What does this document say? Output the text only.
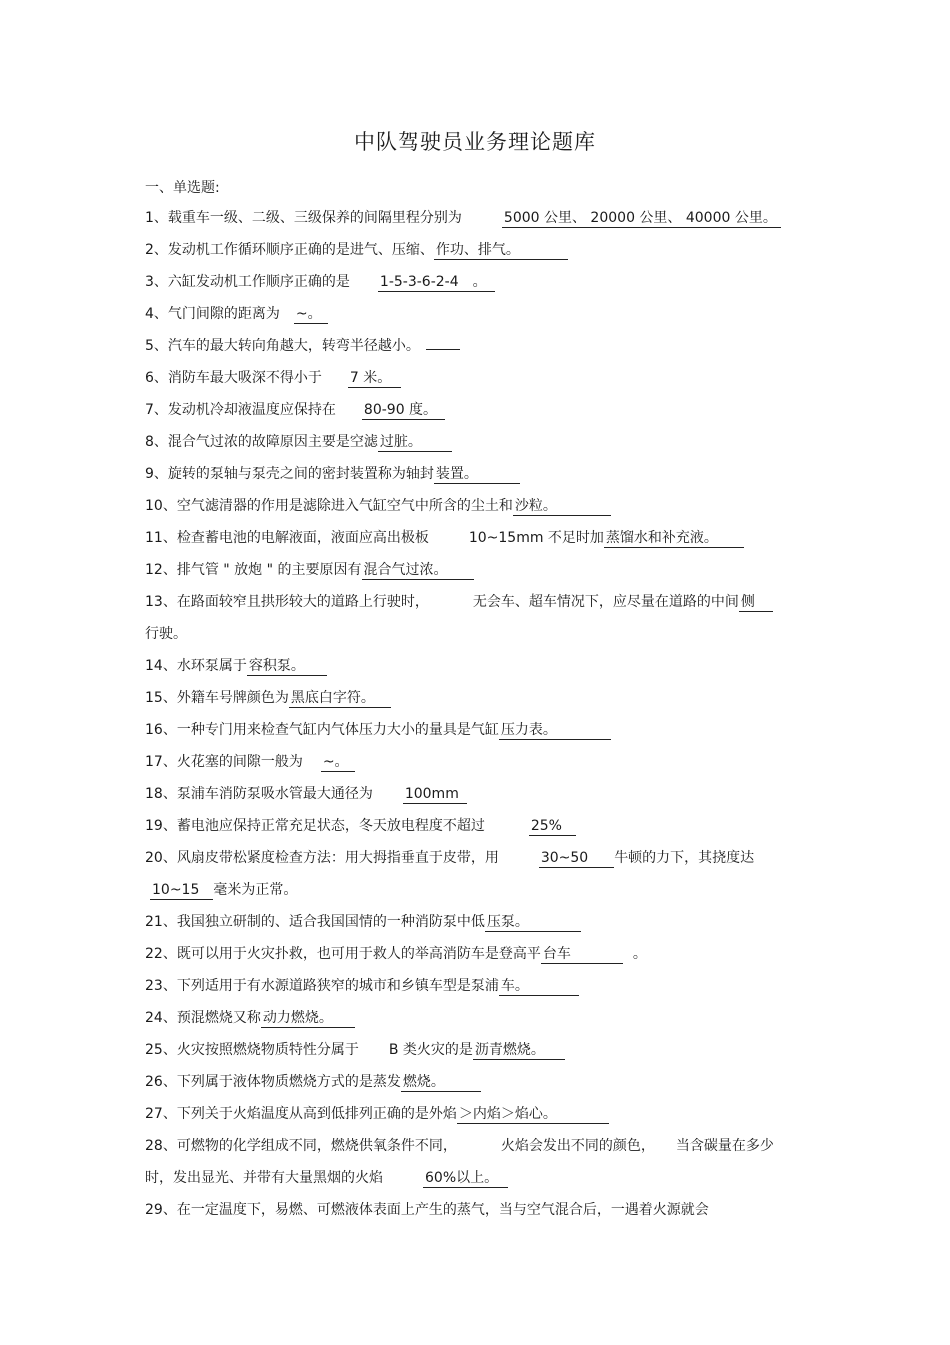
中队驾驶员业务理论题库
一、单选题:
1、载重车一级、二级、三级保养的间隔里程分别为	5000 公里、 20000 公里、 40000 公里。
2、发动机工作循环顺序正确的是进气、压缩、 作功、排气。
3、六缸发动机工作顺序正确的是 1-5-3-6-2-4　。
4、气门间隙的距离为 ~。
5、汽车的最大转向角越大，转弯半径越小。
6、消防车最大吸深不得小于 7 米。
7、发动机冷却液温度应保持在 80-90 度。
8、混合气过浓的故障原因主要是空滤 过脏。
9、旋转的泵轴与泵壳之间的密封装置称为轴封 装置。
10、空气滤清器的作用是滤除进入气缸空气中所含的尘土和 沙粒。
11、检查蓄电池的电解液面，液面应高出极板	10~15mm 不足时加 蒸馏水和补充液。
12、排气管 " 放炮 " 的主要原因有 混合气过浓。
13、在路面较窄且拱形较大的道路上行驶时，	无会车、超车情况下，应尽量在道路的中间 侧
行驶。
14、水环泵属于 容积泵。
15、外籍车号牌颜色为 黑底白字符。
16、一种专门用来检查气缸内气体压力大小的量具是气缸 压力表。
17、火花塞的间隙一般为 ~。
18、泵浦车消防泵吸水管最大通径为 100mm
19、蓄电池应保持正常充足状态，冬天放电程度不超过	25%
20、风扇皮带松紧度检查方法：用大拇指垂直于皮带，用	30~50 牛顿的力下，其挠度达
10~15 毫米为正常。
21、我国独立研制的、适合我国国情的一种消防泵中低 压泵。
22、既可以用于火灾扑救，也可用于救人的举高消防车是登高平 台车	。
23、下列适用于有水源道路狭窄的城市和乡镇车型是泵浦 车。
24、预混燃烧又称 动力燃烧。
25、火灾按照燃烧物质特性分属于 B 类火灾的是 沥青燃烧。
26、下列属于液体物质燃烧方式的是蒸发 燃烧。
27、下列关于火焰温度从高到低排列正确的是外焰 ＞内焰＞焰心。
28、可燃物的化学组成不同，燃烧供氧条件不同，	火焰会发出不同的颜色，　　当含碳量在多少
时，发出显光、并带有大量黑烟的火焰	60%以上。
29、在一定温度下，易燃、可燃液体表面上产生的蒸气，当与空气混合后，一遇着火源就会
